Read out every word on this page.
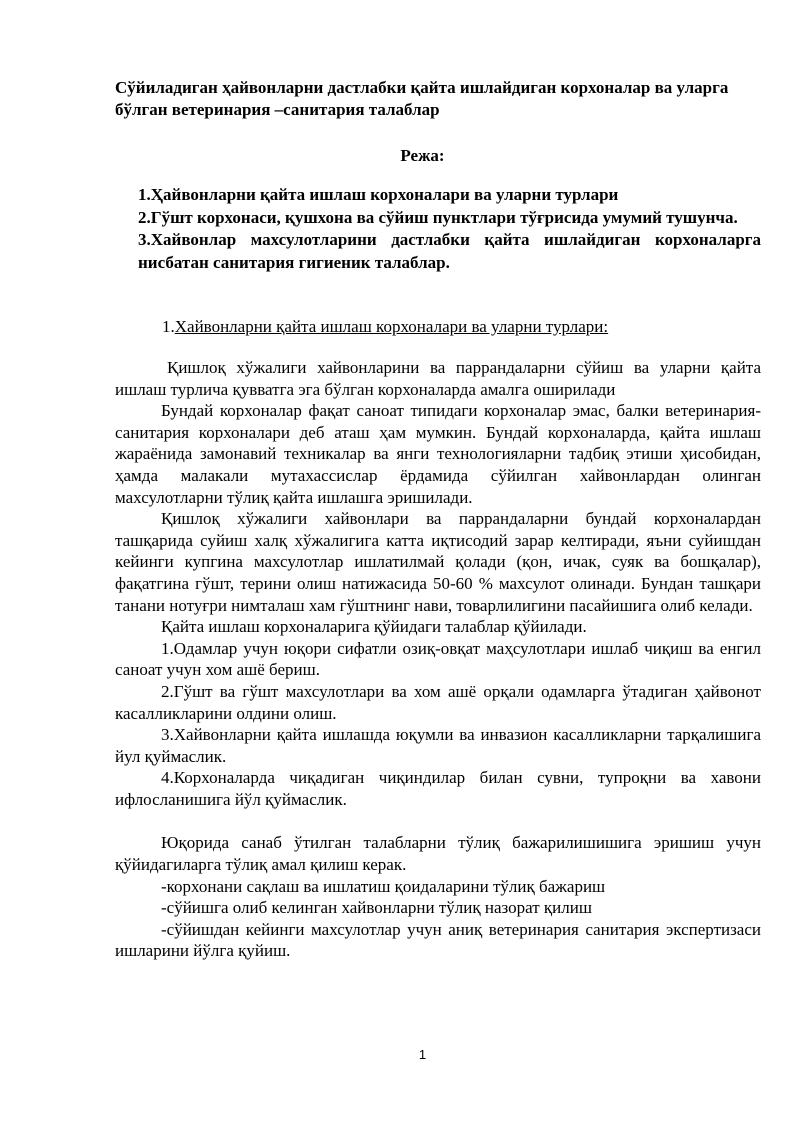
Сўйиладиган ҳайвонларни дастлабки қайта ишлайдиган корхоналар ва уларга бўлган ветеринария –санитария талаблар
Режа:
1.Ҳайвонларни қайта ишлаш корхоналари ва уларни турлари
2.Гўшт корхонаси, қушхона ва сўйиш пунктлари тўғрисида умумий тушунча.
3.Хайвонлар махсулотларини дастлабки қайта ишлайдиган корхоналарга нисбатан санитария гигиеник талаблар.
1.Хайвонларни қайта ишлаш корхоналари ва уларни турлари:

Қишлоқ хўжалиги хайвонларини ва паррандаларни сўйиш ва уларни қайта ишлаш турлича қувватга эга бўлган корхоналарда амалга оширилади

Бундай корхоналар фақат саноат типидаги корхоналар эмас, балки ветеринария-санитария корхоналари деб аташ ҳам мумкин. Бундай корхоналарда, қайта ишлаш жараёнида замонавий техникалар ва янги технологияларни тадбиқ этиши ҳисобидан, ҳамда малакали мутахассислар ёрдамида сўйилган хайвонлардан олинган махсулотларни тўлиқ қайта ишлашга эришилади.

Қишлоқ хўжалиги хайвонлари ва паррандаларни бундай корхоналардан ташқарида суйиш халқ хўжалигига катта иқтисодий зарар келтиради, яъни суйишдан кейинги купгина махсулотлар ишлатилмай қолади (қон, ичак, суяк ва бошқалар), фақатгина гўшт, терини олиш натижасида 50-60 % махсулот олинади. Бундан ташқари танани нотуғри нимталаш хам гўштнинг нави, товарлилигини пасайишига олиб келади.

Қайта ишлаш корхоналарига қўйидаги талаблар қўйилади.

1.Одамлар учун юқори сифатли озиқ-овқат маҳсулотлари ишлаб чиқиш ва енгил саноат учун хом ашё бериш.

2.Гўшт ва гўшт махсулотлари ва хом ашё орқали одамларга ўтадиган ҳайвонот касалликларини олдини олиш.

3.Хайвонларни қайта ишлашда юқумли ва инвазион касалликларни тарқалишига йул қуймаслик.

4.Корхоналарда чиқадиган чиқиндилар билан сувни, тупроқни ва хавони ифлосланишига йўл қуймаслик.

Юқорида санаб ўтилган талабларни тўлиқ бажарилишишига эришиш учун қўйидагиларга тўлиқ амал қилиш керак.

-корхонани сақлаш ва ишлатиш қоидаларини тўлиқ бажариш

-сўйишга олиб келинган хайвонларни тўлиқ назорат қилиш

-сўйишдан кейинги махсулотлар учун аниқ ветеринария санитария экспертизаси ишларини йўлга қуйиш.

1
